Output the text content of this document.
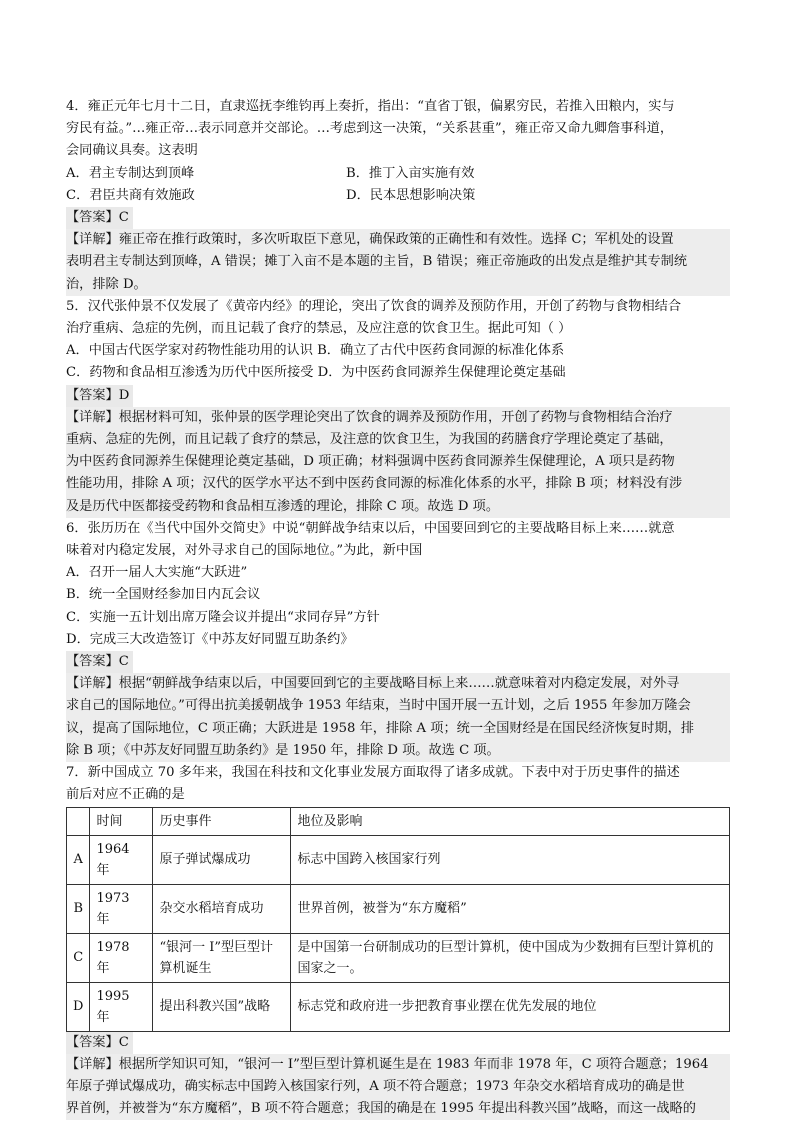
4．雍正元年七月十二日，直隶巡抚李维钧再上奏折，指出：“直省丁银，偏累穷民，若推入田粮内，实与
穷民有益。”…雍正帝…表示同意并交部论。…考虑到这一决策，“关系甚重”，雍正帝又命九卿詹事科道，
会同确议具奏。这表明
A．君主专制达到顶峰	B．推丁入亩实施有效
C．君臣共商有效施政	D．民本思想影响决策
【答案】C
【详解】雍正帝在推行政策时，多次听取臣下意见，确保政策的正确性和有效性。选择 C；军机处的设置
表明君主专制达到顶峰，A 错误；摊丁入亩不是本题的主旨，B 错误；雍正帝施政的出发点是维护其专制统
治，排除 D。
5．汉代张仲景不仅发展了《黄帝内经》的理论，突出了饮食的调养及预防作用，开创了药物与食物相结合
治疗重病、急症的先例，而且记载了食疗的禁忌，及应注意的饮食卫生。据此可知（ ）
A．中国古代医学家对药物性能功用的认识 B．确立了古代中医药食同源的标准化体系
C．药物和食品相互渗透为历代中医所接受 D．为中医药食同源养生保健理论奠定基础
【答案】D
【详解】根据材料可知，张仲景的医学理论突出了饮食的调养及预防作用，开创了药物与食物相结合治疗
重病、急症的先例，而且记载了食疗的禁忌，及注意的饮食卫生，为我国的药膳食疗学理论奠定了基础，
为中医药食同源养生保健理论奠定基础，D 项正确；材料强调中医药食同源养生保健理论，A 项只是药物
性能功用，排除 A 项；汉代的医学水平达不到中医药食同源的标准化体系的水平，排除 B 项；材料没有涉
及是历代中医都接受药物和食品相互渗透的理论，排除 C 项。故选 D 项。
6．张历历在《当代中国外交简史》中说“朝鲜战争结束以后，中国要回到它的主要战略目标上来……就意
味着对内稳定发展，对外寻求自己的国际地位。”为此，新中国
A．召开一届人大实施“大跃进”
B．统一全国财经参加日内瓦会议
C．实施一五计划出席万隆会议并提出“求同存异”方针
D．完成三大改造签订《中苏友好同盟互助条约》
【答案】C
【详解】根据“朝鲜战争结束以后，中国要回到它的主要战略目标上来……就意味着对内稳定发展，对外寻
求自己的国际地位。”可得出抗美援朝战争 1953 年结束，当时中国开展一五计划，之后 1955 年参加万隆会
议，提高了国际地位，C 项正确；大跃进是 1958 年，排除 A 项；统一全国财经是在国民经济恢复时期，排
除 B 项；《中苏友好同盟互助条约》是 1950 年，排除 D 项。故选 C 项。
7．新中国成立 70 多年来，我国在科技和文化事业发展方面取得了诸多成就。下表中对于历史事件的描述
前后对应不正确的是
	时间	历史事件	地位及影响
A	1964 年	原子弹试爆成功	标志中国跨入核国家行列
B	1973 年	杂交水稻培育成功	世界首例，被誉为“东方魔稻”
C	1978 年	“银河一 I”型巨型计算机诞生	是中国第一台研制成功的巨型计算机，使中国成为少数拥有巨型计算机的国家之一。
D	1995 年	提出科教兴国”战略	标志党和政府进一步把教育事业摆在优先发展的地位
【答案】C
【详解】根据所学知识可知，“银河一 I”型巨型计算机诞生是在 1983 年而非 1978 年，C 项符合题意；1964
年原子弹试爆成功，确实标志中国跨入核国家行列，A 项不符合题意；1973 年杂交水稻培育成功的确是世
界首例，并被誉为“东方魔稻”，B 项不符合题意；我国的确是在 1995 年提出科教兴国”战略，而这一战略的
